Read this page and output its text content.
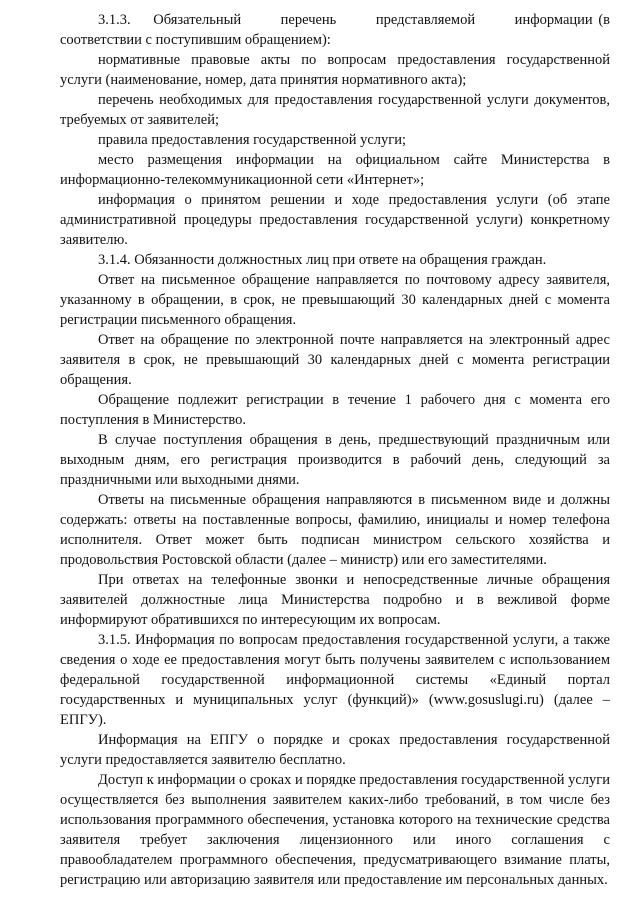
3.1.3.    Обязательный       перечень       представляемой       информации (в соответствии с поступившим обращением):

нормативные правовые акты по вопросам предоставления государственной услуги (наименование, номер, дата принятия нормативного акта);

перечень необходимых для предоставления государственной услуги документов, требуемых от заявителей;

правила предоставления государственной услуги;

место размещения информации на официальном сайте Министерства в информационно-телекоммуникационной сети «Интернет»;

информация о принятом решении и ходе предоставления услуги (об этапе административной процедуры предоставления государственной услуги) конкретному заявителю.

3.1.4. Обязанности должностных лиц при ответе на обращения граждан.

Ответ на письменное обращение направляется по почтовому адресу заявителя, указанному в обращении, в срок, не превышающий 30 календарных дней с момента регистрации письменного обращения.

Ответ на обращение по электронной почте направляется на электронный адрес заявителя в срок, не превышающий 30 календарных дней с момента регистрации обращения.

Обращение подлежит регистрации в течение 1 рабочего дня с момента его поступления в Министерство.

В случае поступления обращения в день, предшествующий праздничным или выходным дням, его регистрация производится в рабочий день, следующий за праздничными или выходными днями.

Ответы на письменные обращения направляются в письменном виде и должны содержать: ответы на поставленные вопросы, фамилию, инициалы и номер телефона исполнителя. Ответ может быть подписан министром сельского хозяйства и продовольствия Ростовской области (далее – министр) или его заместителями.

При ответах на телефонные звонки и непосредственные личные обращения заявителей должностные лица Министерства подробно и в вежливой форме информируют обратившихся по интересующим их вопросам.

3.1.5. Информация по вопросам предоставления государственной услуги, а также сведения о ходе ее предоставления могут быть получены заявителем с использованием федеральной государственной информационной системы «Единый портал государственных и муниципальных услуг (функций)» (www.gosuslugi.ru) (далее – ЕПГУ).

Информация на ЕПГУ о порядке и сроках предоставления государственной услуги предоставляется заявителю бесплатно.

Доступ к информации о сроках и порядке предоставления государственной услуги осуществляется без выполнения заявителем каких-либо требований, в том числе без использования программного обеспечения, установка которого на технические средства заявителя требует заключения лицензионного или иного соглашения с правообладателем программного обеспечения, предусматривающего взимание платы, регистрацию или авторизацию заявителя или предоставление им персональных данных.
